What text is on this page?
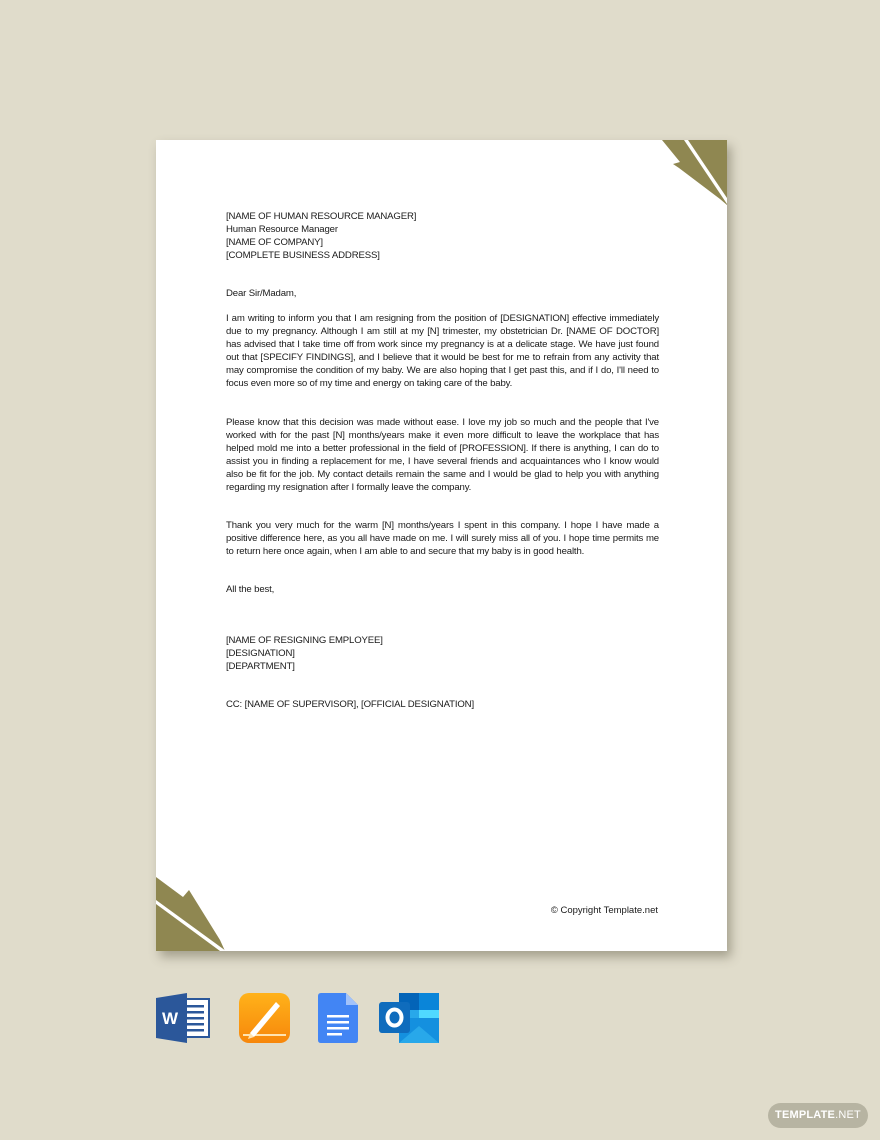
[NAME OF HUMAN RESOURCE MANAGER]
Human Resource Manager
[NAME OF COMPANY]
[COMPLETE BUSINESS ADDRESS]

Dear Sir/Madam,

I am writing to inform you that I am resigning from the position of [DESIGNATION] effective immediately due to my pregnancy. Although I am still at my [N] trimester, my obstetrician Dr. [NAME OF DOCTOR] has advised that I take time off from work since my pregnancy is at a delicate stage. We have just found out that [SPECIFY FINDINGS], and I believe that it would be best for me to refrain from any activity that may compromise the condition of my baby. We are also hoping that I get past this, and if I do, I'll need to focus even more so of my time and energy on taking care of the baby.

Please know that this decision was made without ease. I love my job so much and the people that I've worked with for the past [N] months/years make it even more difficult to leave the workplace that has helped mold me into a better professional in the field of [PROFESSION]. If there is anything, I can do to assist you in finding a replacement for me, I have several friends and acquaintances who I know would also be fit for the job. My contact details remain the same and I would be glad to help you with anything regarding my resignation after I formally leave the company.

Thank you very much for the warm [N] months/years I spent in this company. I hope I have made a positive difference here, as you all have made on me. I will surely miss all of you. I hope time permits me to return here once again, when I am able to and secure that my baby is in good health.

All the best,

[NAME OF RESIGNING EMPLOYEE]
[DESIGNATION]
[DEPARTMENT]

CC: [NAME OF SUPERVISOR], [OFFICIAL DESIGNATION]

© Copyright Template.net
W
TEMPLATE.NET
